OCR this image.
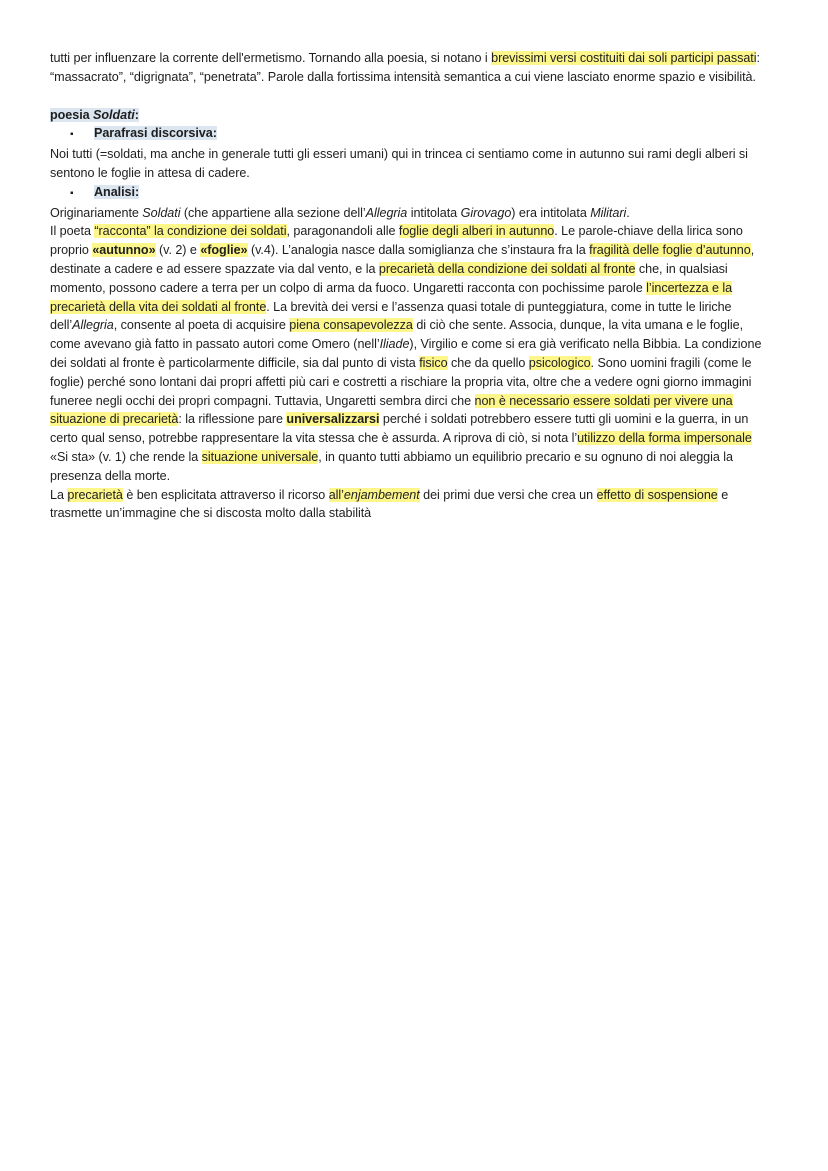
tutti per influenzare la corrente dell'ermetismo. Tornando alla poesia, si notano i brevissimi versi costituiti dai soli participi passati: “massacrato”, “digrignata”, “penetrata”. Parole dalla fortissima intensità semantica a cui viene lasciato enorme spazio e visibilità.

poesia Soldati:

▪ Parafrasi discorsiva:

Noi tutti (=soldati, ma anche in generale tutti gli esseri umani) qui in trincea ci sentiamo come in autunno sui rami degli alberi si sentono le foglie in attesa di cadere.

▪ Analisi:

Originariamente Soldati (che appartiene alla sezione dell’Allegria intitolata Girovago) era intitolata Militari.

Il poeta “racconta” la condizione dei soldati, paragonandoli alle foglie degli alberi in autunno. Le parole-chiave della lirica sono proprio «autunno» (v. 2) e «foglie» (v.4). L’analogia nasce dalla somiglianza che s’instaura fra la fragilità delle foglie d’autunno, destinate a cadere e ad essere spazzate via dal vento, e la precarietà della condizione dei soldati al fronte che, in qualsiasi momento, possono cadere a terra per un colpo di arma da fuoco. Ungaretti racconta con pochissime parole l’incertezza e la precarietà della vita dei soldati al fronte. La brevità dei versi e l’assenza quasi totale di punteggiatura, come in tutte le liriche dell’Allegria, consente al poeta di acquisire piena consapevolezza di ciò che sente. Associa, dunque, la vita umana e le foglie, come avevano già fatto in passato autori come Omero (nell’Iliade), Virgilio e come si era già verificato nella Bibbia. La condizione dei soldati al fronte è particolarmente difficile, sia dal punto di vista fisico che da quello psicologico. Sono uomini fragili (come le foglie) perché sono lontani dai propri affetti più cari e costretti a rischiare la propria vita, oltre che a vedere ogni giorno immagini funeree negli occhi dei propri compagni. Tuttavia, Ungaretti sembra dirci che non è necessario essere soldati per vivere una situazione di precarietà: la riflessione pare universalizzarsi perché i soldati potrebbero essere tutti gli uomini e la guerra, in un certo qual senso, potrebbe rappresentare la vita stessa che è assurda. A riprova di ciò, si nota l’utilizzo della forma impersonale «Si sta» (v. 1) che rende la situazione universale, in quanto tutti abbiamo un equilibrio precario e su ognuno di noi aleggia la presenza della morte.

La precarietà è ben esplicitata attraverso il ricorso all’enjambement dei primi due versi che crea un effetto di sospensione e trasmette un’immagine che si discosta molto dalla stabilità
